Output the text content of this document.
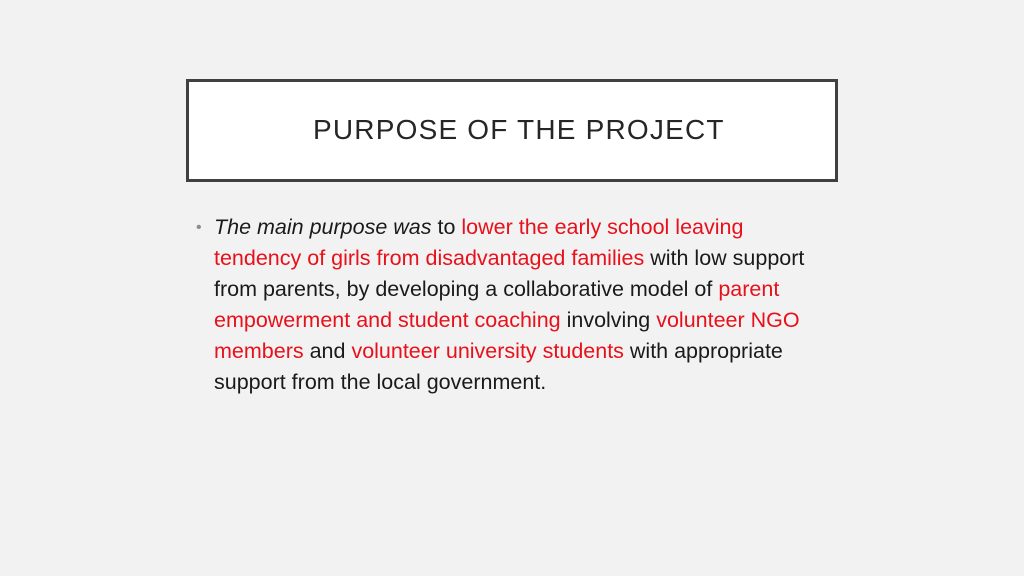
PURPOSE OF THE PROJECT
• The main purpose was to lower the early school leaving tendency of girls from disadvantaged families with low support from parents, by developing a collaborative model of parent empowerment and student coaching involving volunteer NGO members and volunteer university students with appropriate support from the local government.
